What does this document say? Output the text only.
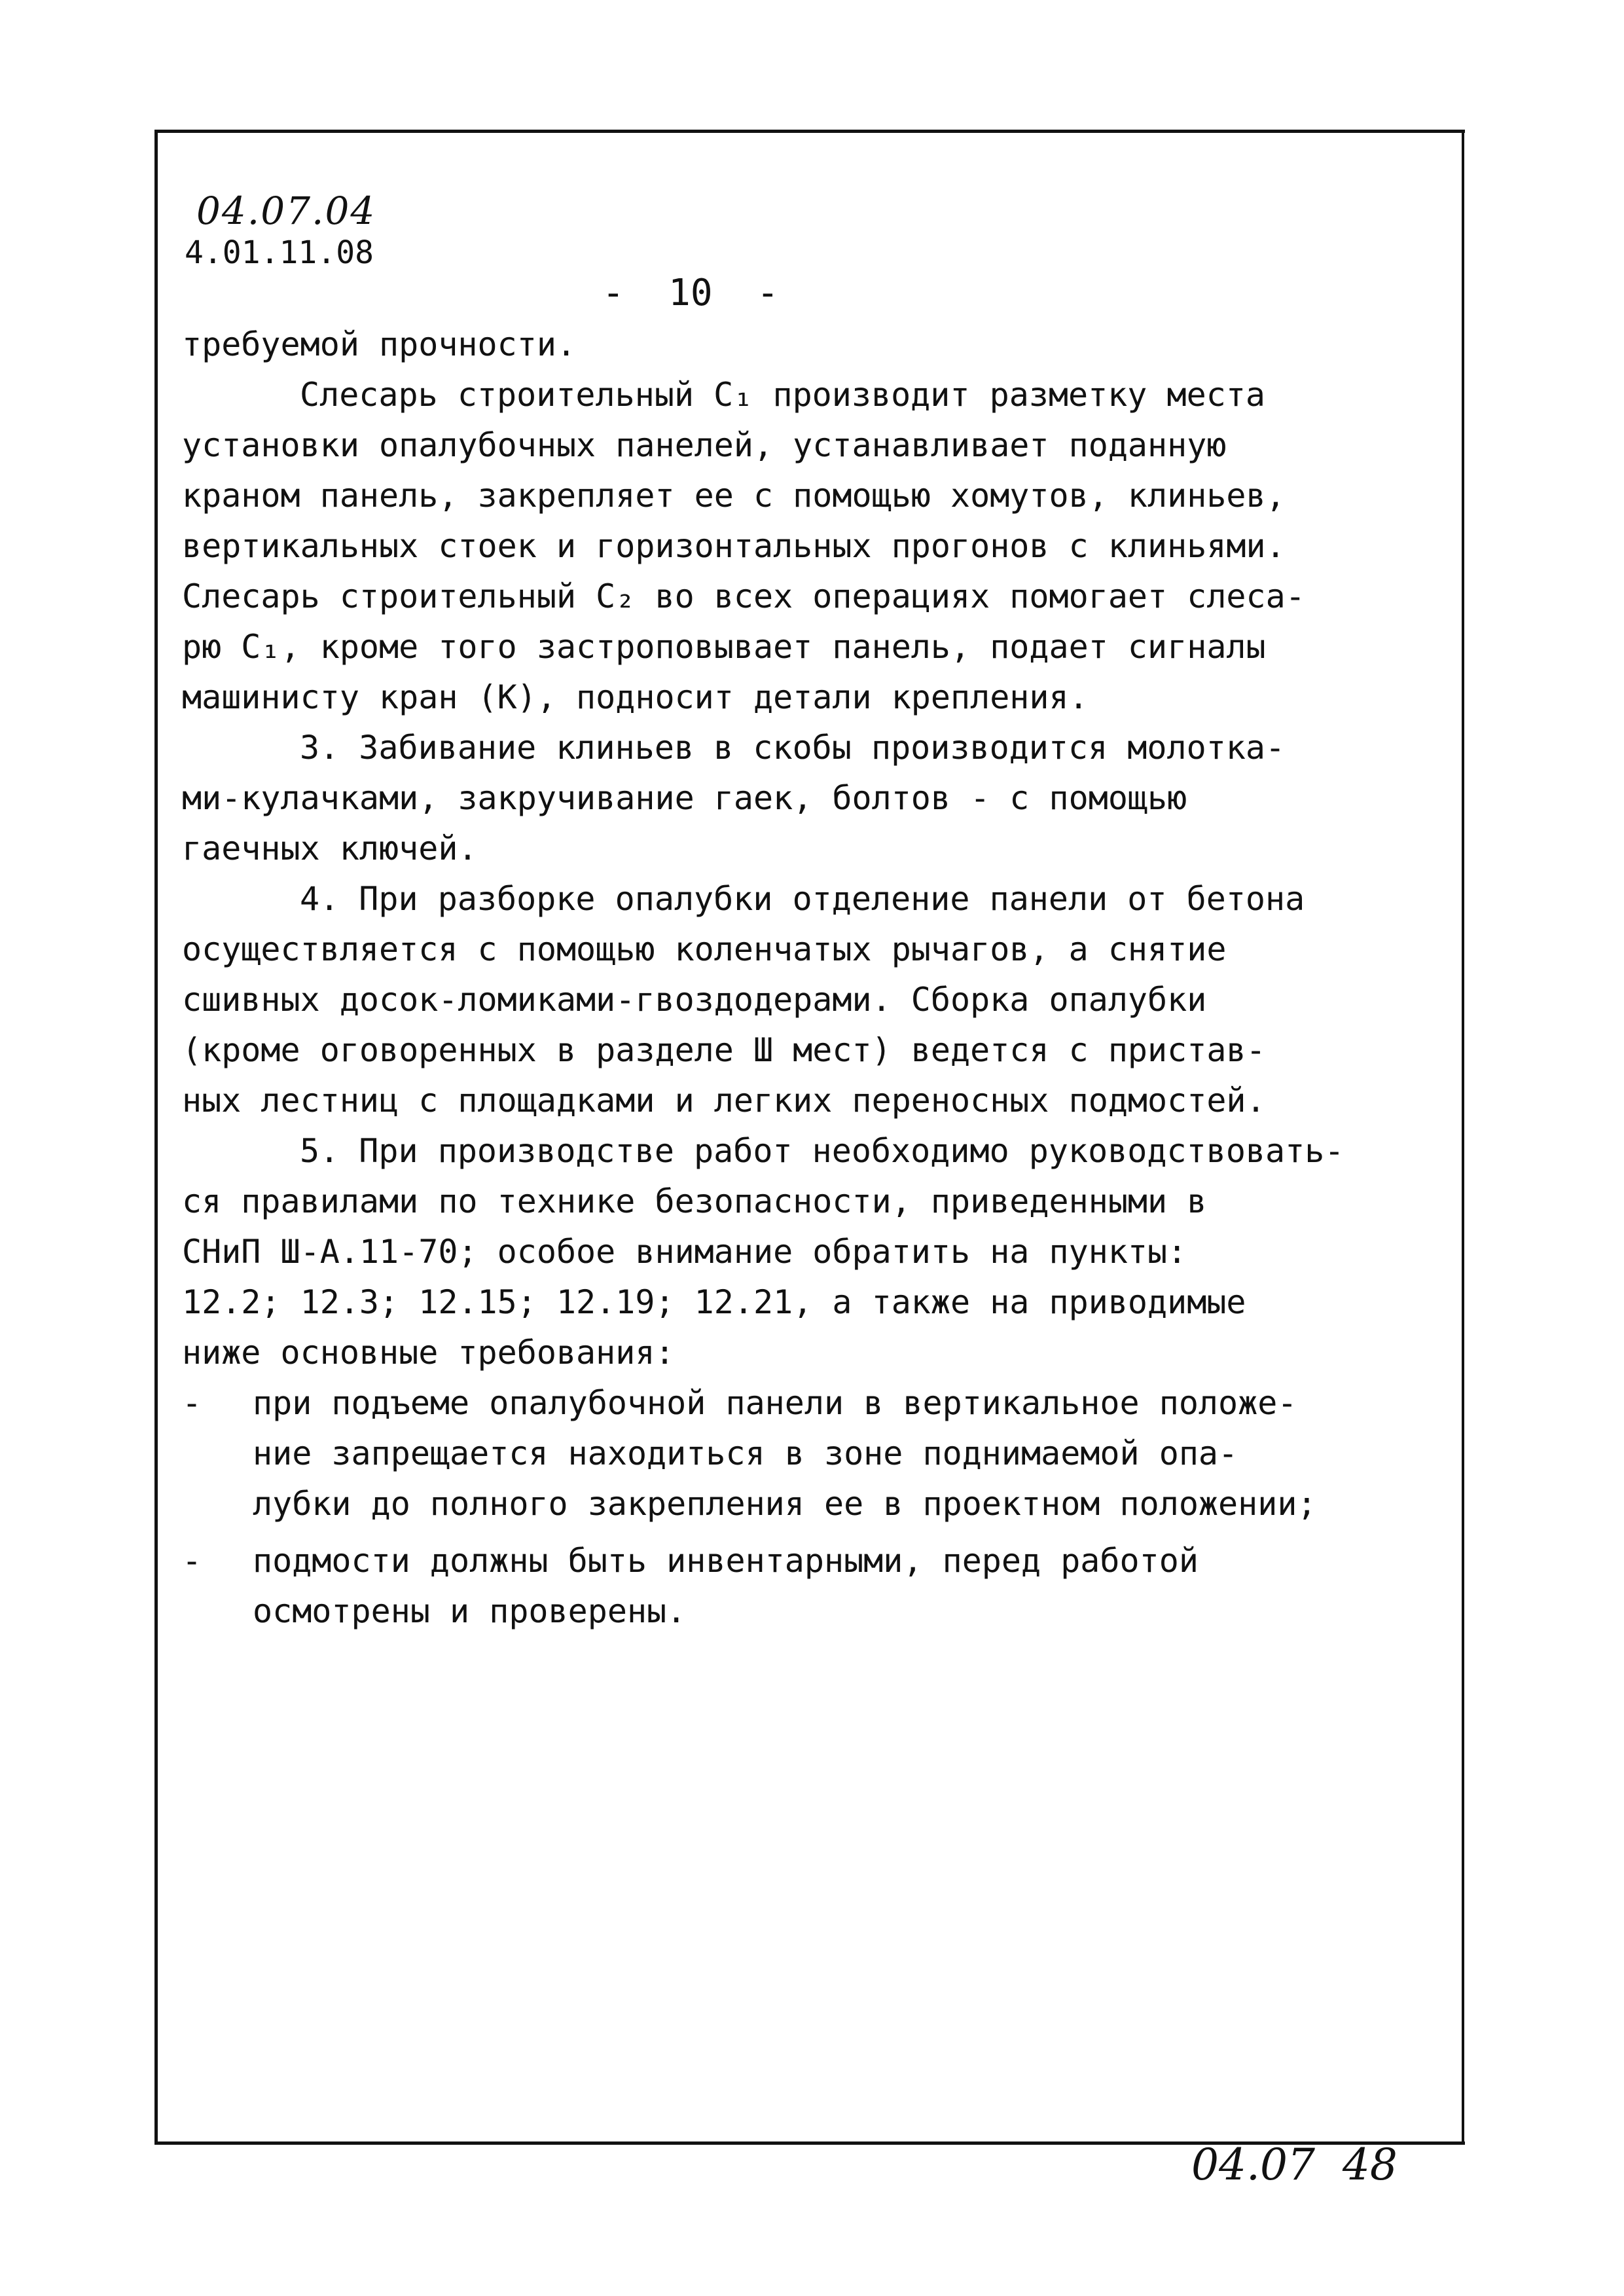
04.07.04
4.01.11.08
-  10  -
требуемой прочности.
Слесарь строительный С₁ производит разметку места
установки опалубочных панелей, устанавливает поданную
краном панель, закрепляет ее с помощью хомутов, клиньев,
вертикальных стоек и горизонтальных прогонов с клиньями.
Слесарь строительный С₂ во всех операциях помогает слеса-
рю С₁, кроме того застроповывает панель, подает сигналы
машинисту кран (К), подносит детали крепления.
3. Забивание клиньев в скобы производится молотка-
ми-кулачками, закручивание гаек, болтов - с помощью
гаечных ключей.
4. При разборке опалубки отделение панели от бетона
осуществляется с помощью коленчатых рычагов, а снятие
сшивных досок-ломиками-гвоздодерами. Сборка опалубки
(кроме оговоренных в разделе Ш мест) ведется с пристав-
ных лестниц с площадками и легких переносных подмостей.
5. При производстве работ необходимо руководствовать-
ся правилами по технике безопасности, приведенными в
СНиП Ш-А.11-70; особое внимание обратить на пункты:
12.2; 12.3; 12.15; 12.19; 12.21, а также на приводимые
ниже основные требования:
- при подъеме опалубочной панели в вертикальное положе-
ние запрещается находиться в зоне поднимаемой опа-
лубки до полного закрепления ее в проектном положении;
- подмости должны быть инвентарными, перед работой
осмотрены и проверены.
04.07  48
